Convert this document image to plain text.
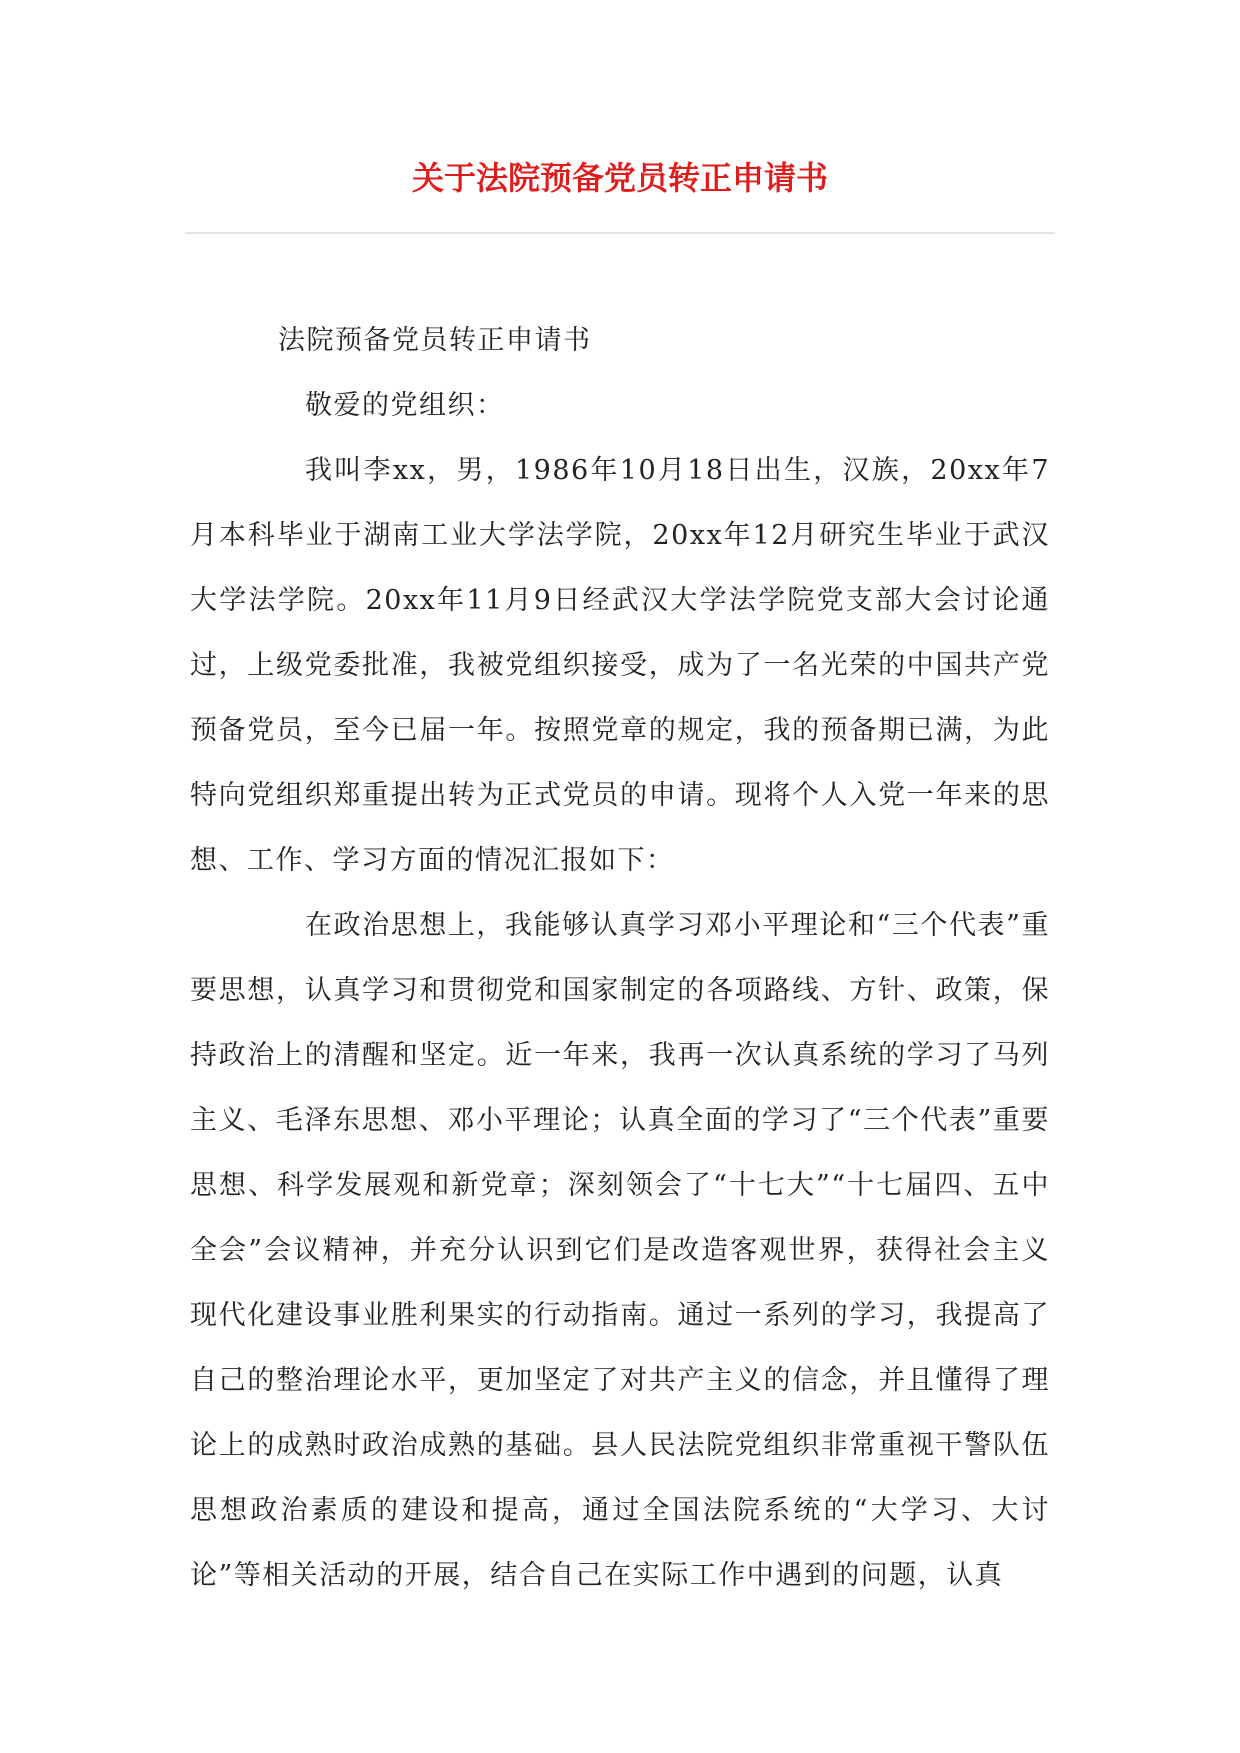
关于法院预备党员转正申请书

法院预备党员转正申请书

敬爱的党组织：

我叫李xx，男，1986年10月18日出生，汉族，20xx年7月本科毕业于湖南工业大学法学院，20xx年12月研究生毕业于武汉大学法学院。20xx年11月9日经武汉大学法学院党支部大会讨论通过，上级党委批准，我被党组织接受，成为了一名光荣的中国共产党预备党员，至今已届一年。按照党章的规定，我的预备期已满，为此特向党组织郑重提出转为正式党员的申请。现将个人入党一年来的思想、工作、学习方面的情况汇报如下：

在政治思想上，我能够认真学习邓小平理论和“三个代表”重要思想，认真学习和贯彻党和国家制定的各项路线、方针、政策，保持政治上的清醒和坚定。近一年来，我再一次认真系统的学习了马列主义、毛泽东思想、邓小平理论；认真全面的学习了“三个代表”重要思想、科学发展观和新党章；深刻领会了“十七大”“十七届四、五中全会”会议精神，并充分认识到它们是改造客观世界，获得社会主义现代化建设事业胜利果实的行动指南。通过一系列的学习，我提高了自己的整治理论水平，更加坚定了对共产主义的信念，并且懂得了理论上的成熟时政治成熟的基础。县人民法院党组织非常重视干警队伍思想政治素质的建设和提高，通过全国法院系统的“大学习、大讨论”等相关活动的开展，结合自己在实际工作中遇到的问题，认真
